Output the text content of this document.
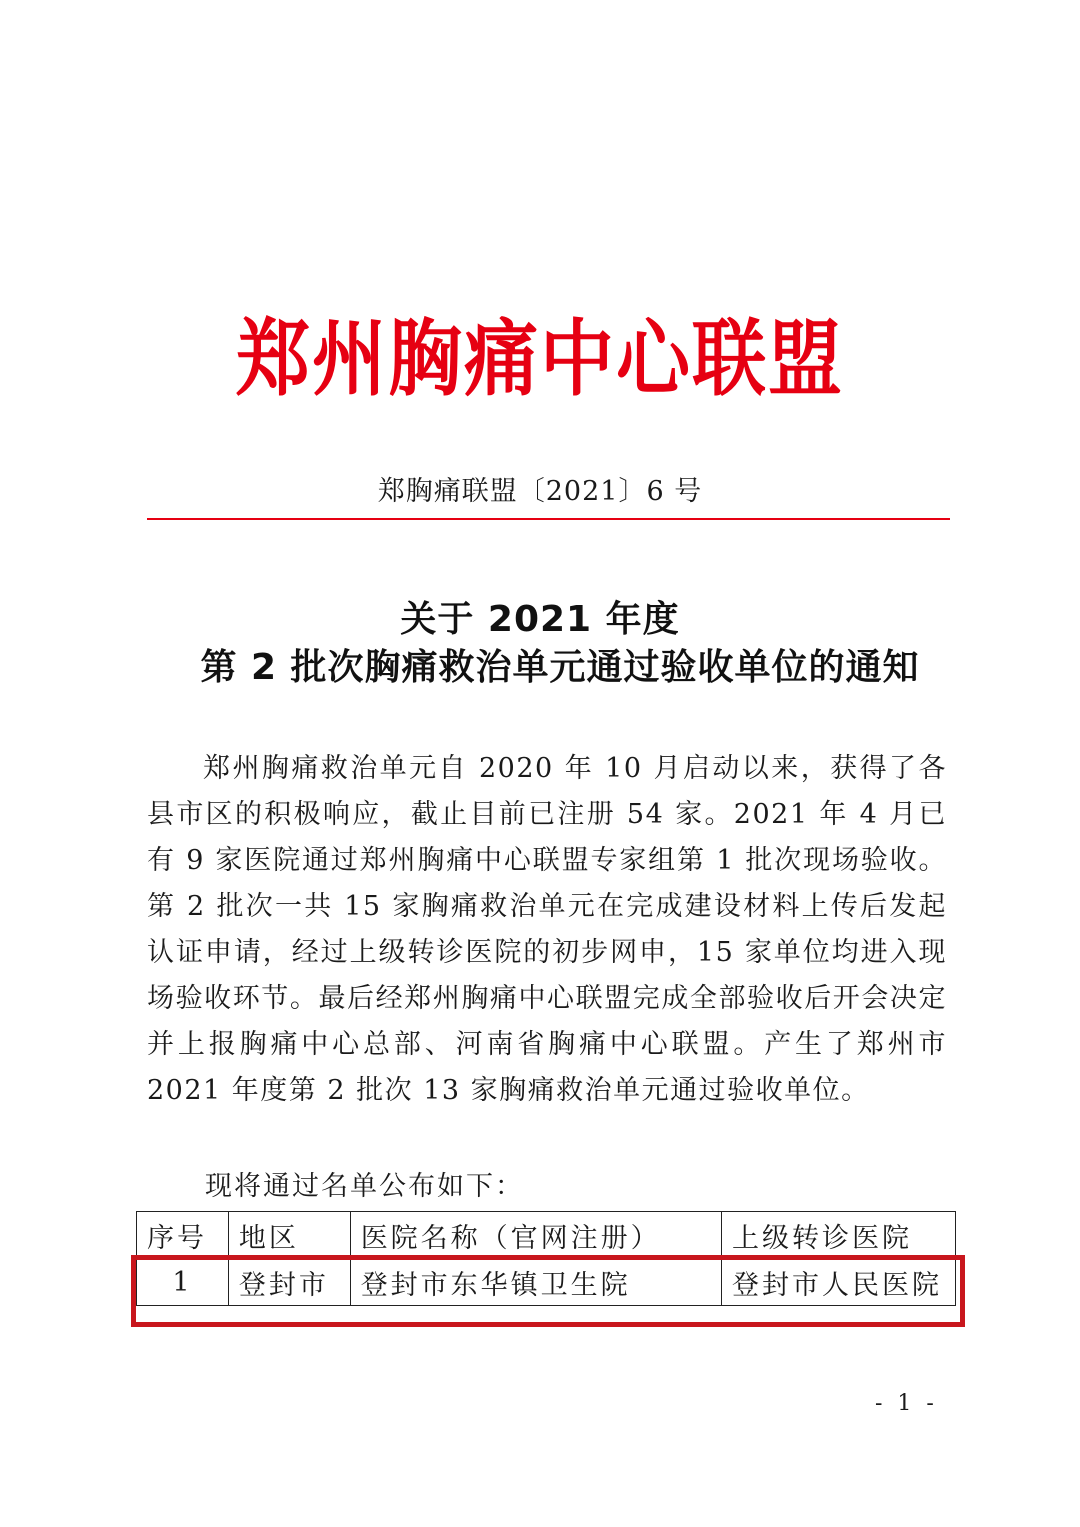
郑州胸痛中心联盟

郑胸痛联盟〔2021〕6 号

关于 2021 年度
第 2 批次胸痛救治单元通过验收单位的通知

郑州胸痛救治单元自 2020 年 10 月启动以来，获得了各县市区的积极响应，截止目前已注册 54 家。2021 年 4 月已有 9 家医院通过郑州胸痛中心联盟专家组第 1 批次现场验收。第 2 批次一共 15 家胸痛救治单元在完成建设材料上传后发起认证申请，经过上级转诊医院的初步网申，15 家单位均进入现场验收环节。最后经郑州胸痛中心联盟完成全部验收后开会决定并上报胸痛中心总部、河南省胸痛中心联盟。产生了郑州市 2021 年度第 2 批次 13 家胸痛救治单元通过验收单位。

现将通过名单公布如下：

序号	地区	医院名称（官网注册）	上级转诊医院
1	登封市	登封市东华镇卫生院	登封市人民医院

- 1 -
